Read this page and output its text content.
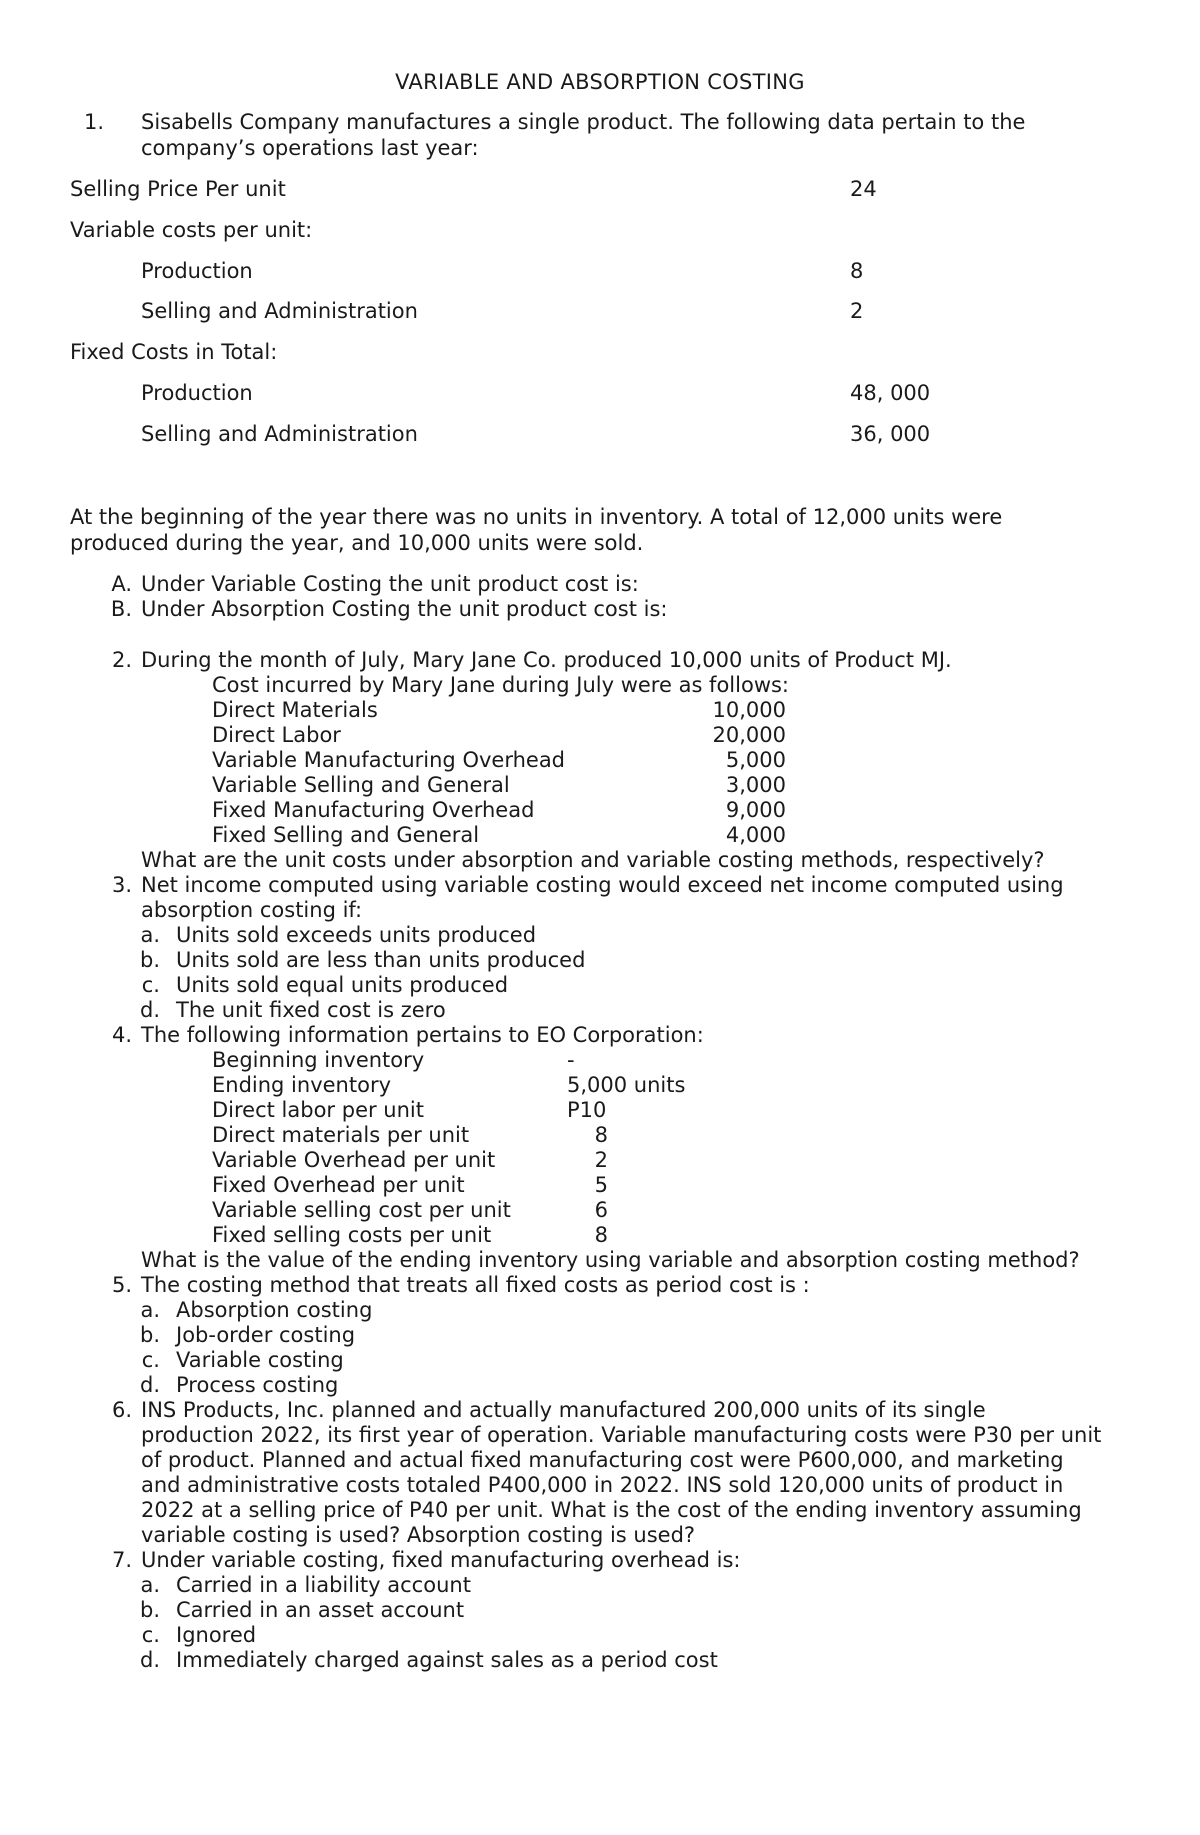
VARIABLE AND ABSORPTION COSTING
1.	Sisabells Company manufactures a single product. The following data pertain to the
company’s operations last year:
Selling Price Per unit	24
Variable costs per unit:
Production	8
Selling and Administration	2
Fixed Costs in Total:
Production	48, 000
Selling and Administration	36, 000
At the beginning of the year there was no units in inventory. A total of 12,000 units were
produced during the year, and 10,000 units were sold.
A. Under Variable Costing the unit product cost is:
B. Under Absorption Costing the unit product cost is:
2. During the month of July, Mary Jane Co. produced 10,000 units of Product MJ.
Cost incurred by Mary Jane during July were as follows:
Direct Materials	10,000
Direct Labor	20,000
Variable Manufacturing Overhead	5,000
Variable Selling and General	3,000
Fixed Manufacturing Overhead	9,000
Fixed Selling and General	4,000
What are the unit costs under absorption and variable costing methods, respectively?
3. Net income computed using variable costing would exceed net income computed using
absorption costing if:
a. Units sold exceeds units produced
b. Units sold are less than units produced
c. Units sold equal units produced
d. The unit fixed cost is zero
4. The following information pertains to EO Corporation:
Beginning inventory	-
Ending inventory	5,000 units
Direct labor per unit	P10
Direct materials per unit	8
Variable Overhead per unit	2
Fixed Overhead per unit	5
Variable selling cost per unit	6
Fixed selling costs per unit	8
What is the value of the ending inventory using variable and absorption costing method?
5. The costing method that treats all fixed costs as period cost is :
a. Absorption costing
b. Job-order costing
c. Variable costing
d. Process costing
6. INS Products, Inc. planned and actually manufactured 200,000 units of its single
production 2022, its first year of operation. Variable manufacturing costs were P30 per unit
of product. Planned and actual fixed manufacturing cost were P600,000, and marketing
and administrative costs totaled P400,000 in 2022. INS sold 120,000 units of product in
2022 at a selling price of P40 per unit. What is the cost of the ending inventory assuming
variable costing is used? Absorption costing is used?
7. Under variable costing, fixed manufacturing overhead is:
a. Carried in a liability account
b. Carried in an asset account
c. Ignored
d. Immediately charged against sales as a period cost
